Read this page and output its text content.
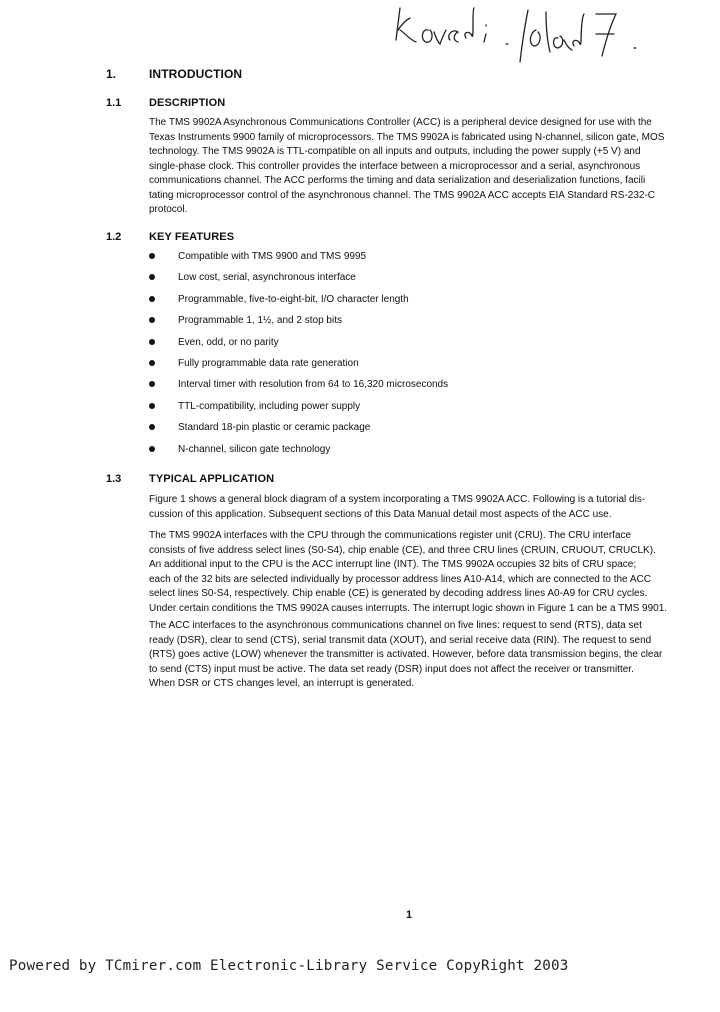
1.	INTRODUCTION
1.1	DESCRIPTION
The TMS 9902A Asynchronous Communications Controller (ACC) is a peripheral device designed for use with the
Texas Instruments 9900 family of microprocessors. The TMS 9902A is fabricated using N-channel, silicon gate, MOS
technology. The TMS 9902A is TTL-compatible on all inputs and outputs, including the power supply (+5 V) and
single-phase clock. This controller provides the interface between a microprocessor and a serial, asynchronous
communications channel. The ACC performs the timing and data serialization and deserialization functions, facili
tating microprocessor control of the asynchronous channel. The TMS 9902A ACC accepts EIA Standard RS-232-C
protocol.
1.2	KEY FEATURES
Compatible with TMS 9900 and TMS 9995
Low cost, serial, asynchronous interface
Programmable, five-to-eight-bit, I/O character length
Programmable 1, 1½, and 2 stop bits
Even, odd, or no parity
Fully programmable data rate generation
Interval timer with resolution from 64 to 16,320 microseconds
TTL-compatibility, including power supply
Standard 18-pin plastic or ceramic package
N-channel, silicon gate technology
1.3	TYPICAL APPLICATION
Figure 1 shows a general block diagram of a system incorporating a TMS 9902A ACC. Following is a tutorial dis-
cussion of this application. Subsequent sections of this Data Manual detail most aspects of the ACC use.
The TMS 9902A interfaces with the CPU through the communications register unit (CRU). The CRU interface
consists of five address select lines (S0-S4), chip enable (CE), and three CRU lines (CRUIN, CRUOUT, CRUCLK).
An additional input to the CPU is the ACC interrupt line (INT). The TMS 9902A occupies 32 bits of CRU space;
each of the 32 bits are selected individually by processor address lines A10-A14, which are connected to the ACC
select lines S0-S4, respectively. Chip enable (CE) is generated by decoding address lines A0-A9 for CRU cycles.
Under certain conditions the TMS 9902A causes interrupts. The interrupt logic shown in Figure 1 can be a TMS 9901.
The ACC interfaces to the asynchronous communications channel on five lines: request to send (RTS), data set
ready (DSR), clear to send (CTS), serial transmit data (XOUT), and serial receive data (RIN). The request to send
(RTS) goes active (LOW) whenever the transmitter is activated. However, before data transmission begins, the clear
to send (CTS) input must be active. The data set ready (DSR) input does not affect the receiver or transmitter.
When DSR or CTS changes level, an interrupt is generated.
1
Powered by TCmirer.com Electronic-Library Service CopyRight 2003
